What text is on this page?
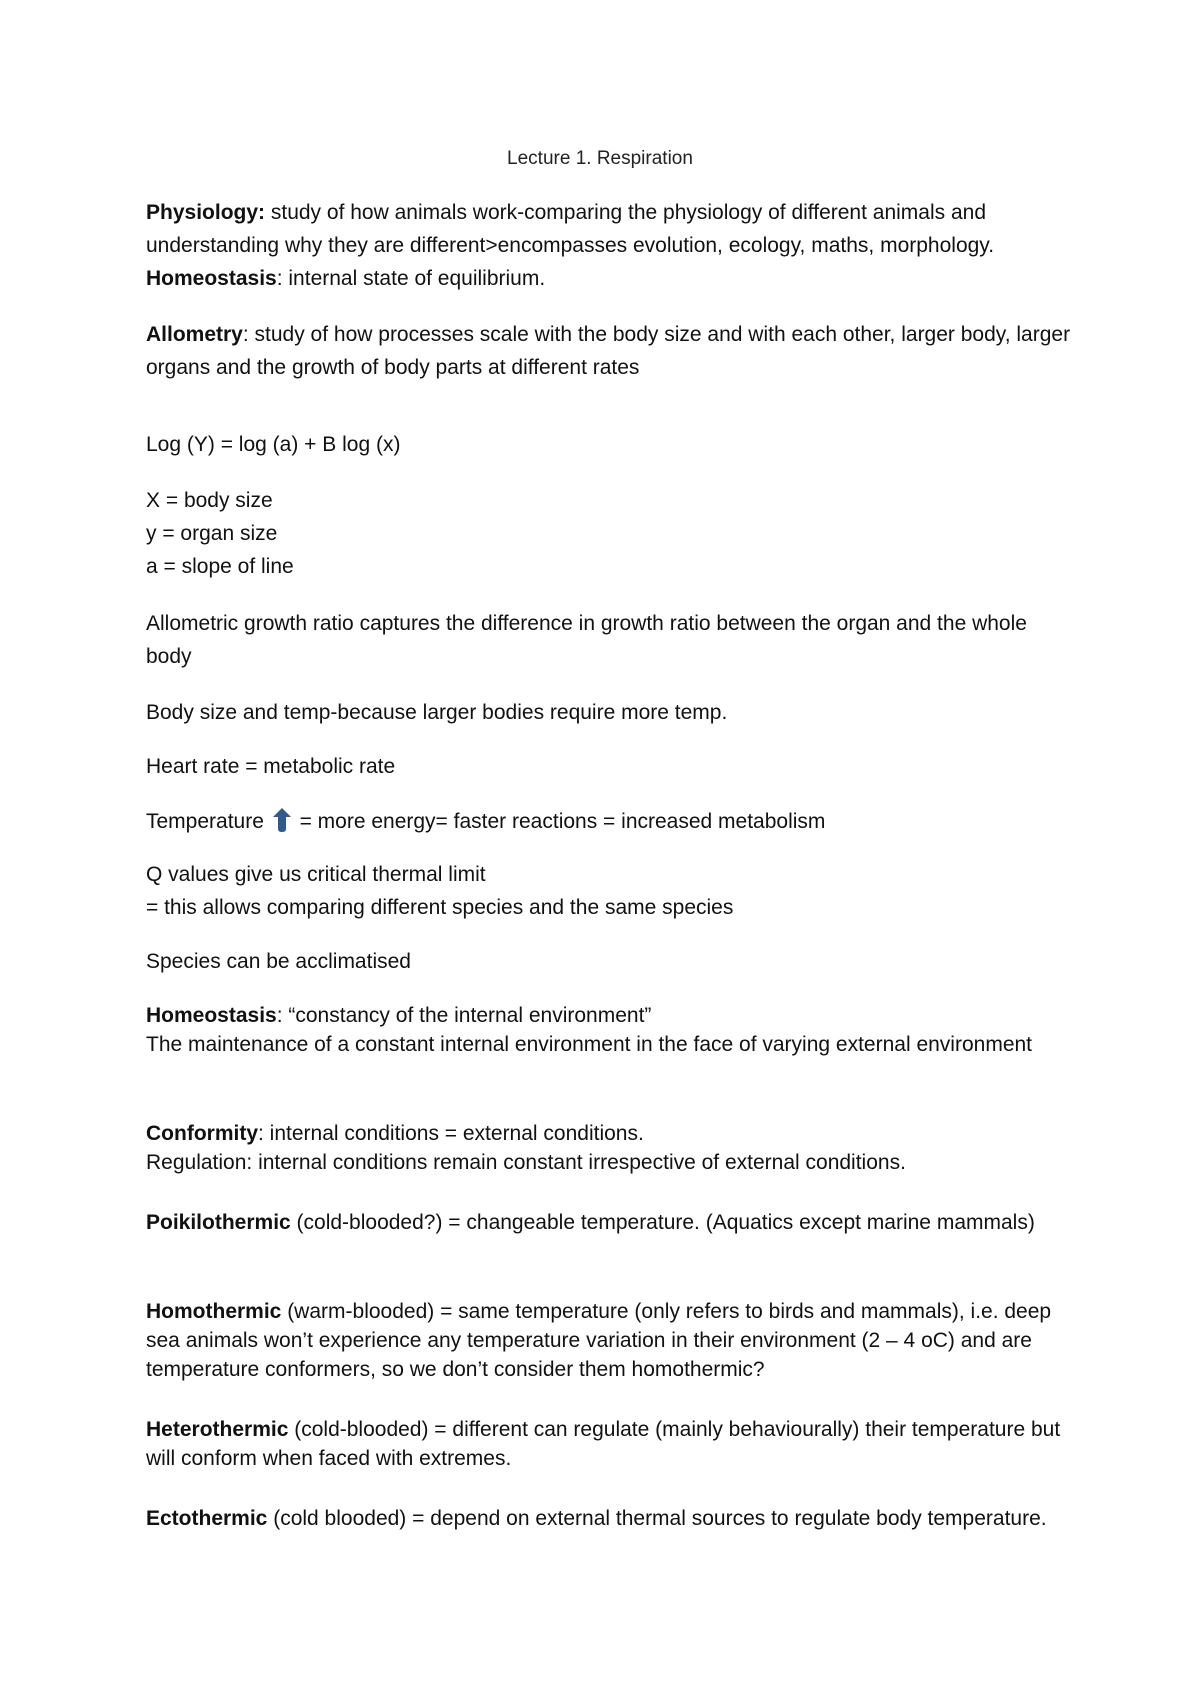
Lecture 1. Respiration

Physiology: study of how animals work-comparing the physiology of different animals and understanding why they are different>encompasses evolution, ecology, maths, morphology.

Homeostasis: internal state of equilibrium.

Allometry: study of how processes scale with the body size and with each other, larger body, larger organs and the growth of body parts at different rates

Log (Y) = log (a) + B log (x)

X = body size
y = organ size
a = slope of line

Allometric growth ratio captures the difference in growth ratio between the organ and the whole body

Body size and temp-because larger bodies require more temp.

Heart rate = metabolic rate

Temperature  = more energy= faster reactions = increased metabolism

Q values give us critical thermal limit
= this allows comparing different species and the same species

Species can be acclimatised

Homeostasis: “constancy of the internal environment”
The maintenance of a constant internal environment in the face of varying external environment

Conformity: internal conditions = external conditions.
Regulation: internal conditions remain constant irrespective of external conditions.

Poikilothermic (cold-blooded?) = changeable temperature. (Aquatics except marine mammals)

Homothermic (warm-blooded) = same temperature (only refers to birds and mammals), i.e. deep sea animals won’t experience any temperature variation in their environment (2 – 4 oC) and are temperature conformers, so we don’t consider them homothermic?

Heterothermic (cold-blooded) = different can regulate (mainly behaviourally) their temperature but will conform when faced with extremes.

Ectothermic (cold blooded) = depend on external thermal sources to regulate body temperature.
